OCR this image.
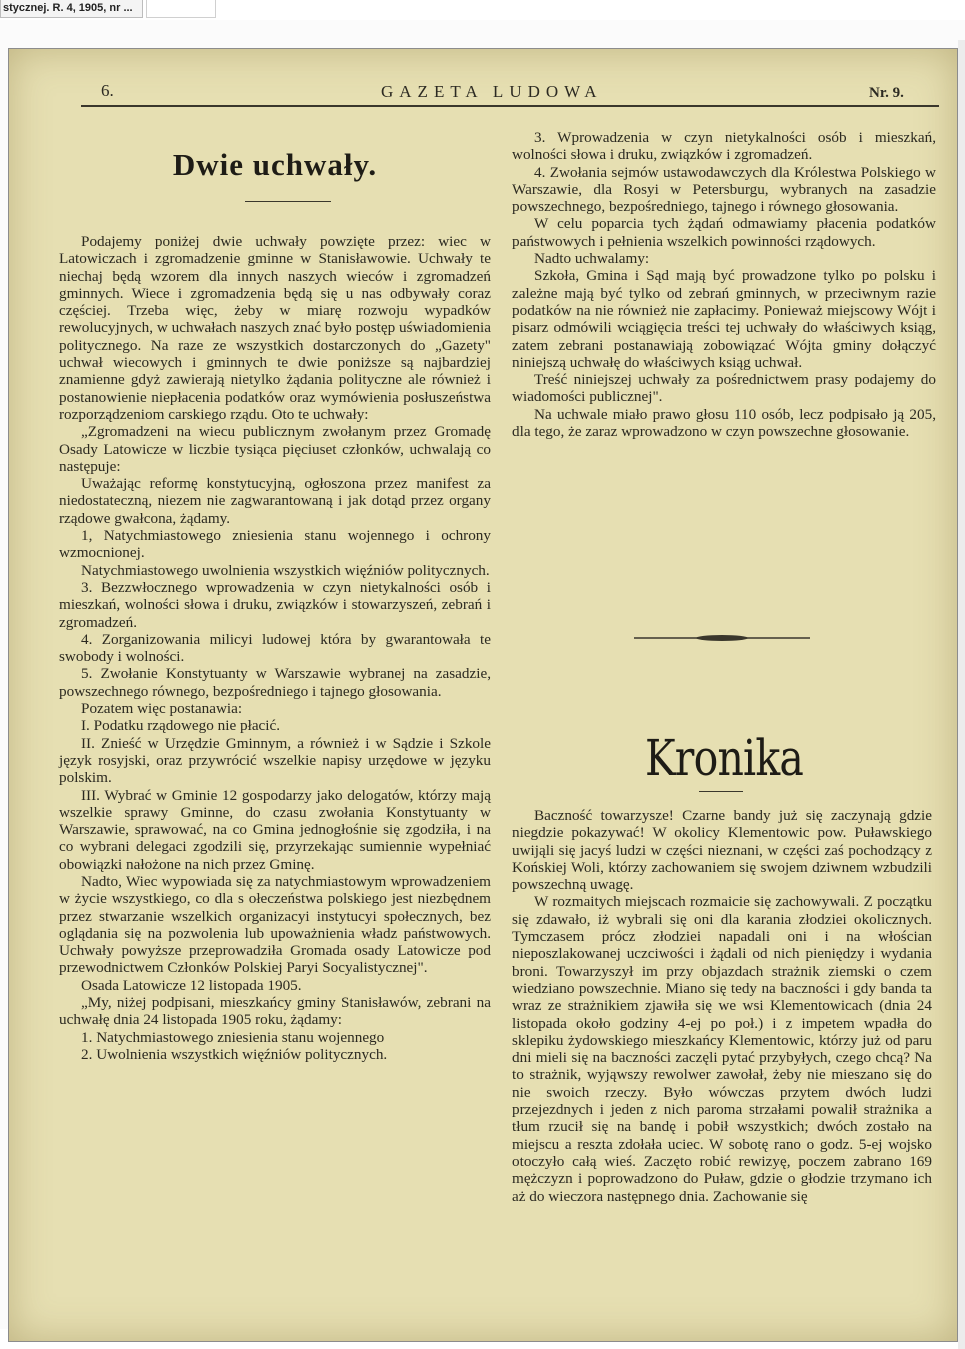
stycznej. R. 4, 1905, nr ...
6.	GAZETA LUDOWA	Nr. 9.
Dwie uchwały.

Podajemy poniżej dwie uchwały powzięte przez: wiec w Latowiczach i zgromadzenie gminne w Stanisławowie. Uchwały te niechaj będą wzorem dla innych naszych wieców i zgromadzeń gminnych. Wiece i zgromadzenia będą się u nas odbywały coraz częściej. Trzeba więc, żeby w miarę rozwoju wypadków rewolucyjnych, w uchwałach naszych znać było postęp uświadomienia politycznego. Na raze ze wszystkich dostarczonych do „Gazety" uchwał wiecowych i gminnych te dwie poniższe są najbardziej znamienne gdyż zawierają nietylko żądania polityczne ale również i postanowienie niepłacenia podatków oraz wymówienia posłuszeństwa rozporządzeniom carskiego rządu. Oto te uchwały:

„Zgromadzeni na wiecu publicznym zwołanym przez Gromadę Osady Latowicze w liczbie tysiąca pięciuset członków, uchwalają co następuje:

Uważając reformę konstytucyjną, ogłoszona przez manifest za niedostateczną, niezem nie zagwarantowaną i jak dotąd przez organy rządowe gwałcona, żądamy.

1, Natychmiastowego zniesienia stanu wojennego i ochrony wzmocnionej.

Natychmiastowego uwolnienia wszystkich więźniów politycznych.

3. Bezzwłocznego wprowadzenia w czyn nietykalności osób i mieszkań, wolności słowa i druku, związków i stowarzyszeń, zebrań i zgromadzeń.

4. Zorganizowania milicyi ludowej która by gwarantowała te swobody i wolności.

5. Zwołanie Konstytuanty w Warszawie wybranej na zasadzie, powszechnego równego, bezpośredniego i tajnego głosowania.

Pozatem więc postanawia:

I. Podatku rządowego nie płacić.

II. Znieść w Urzędzie Gminnym, a również i w Sądzie i Szkole język rosyjski, oraz przywrócić wszelkie napisy urzędowe w języku polskim.

III. Wybrać w Gminie 12 gospodarzy jako delogatów, którzy mają wszelkie sprawy Gminne, do czasu zwołania Konstytuanty w Warszawie, sprawować, na co Gmina jednogłośnie się zgodziła, i na co wybrani delegaci zgodzili się, przyrzekając sumiennie wypełniać obowiązki nałożone na nich przez Gminę.

Nadto, Wiec wypowiada się za natychmiastowym wprowadzeniem w życie wszystkiego, co dla s ołeczeństwa polskiego jest niezbędnem przez stwarzanie wszelkich organizacyi instytucyi społecznych, bez oglądania się na pozwolenia lub upoważnienia władz państwowych. Uchwały powyższe przeprowadziła Gromada osady Latowicze pod przewodnictwem Członków Polskiej Paryi Socyalistycznej".

Osada Latowicze 12 listopada 1905.

„My, niżej podpisani, mieszkańcy gminy Stanisławów, zebrani na uchwałę dnia 24 listopada 1905 roku, żądamy:

1. Natychmiastowego zniesienia stanu wojennego

2. Uwolnienia wszystkich więźniów politycznych.

3. Wprowadzenia w czyn nietykalności osób i mieszkań, wolności słowa i druku, związków i zgromadzeń.

4. Zwołania sejmów ustawodawczych dla Królestwa Polskiego w Warszawie, dla Rosyi w Petersburgu, wybranych na zasadzie powszechnego, bezpośredniego, tajnego i równego głosowania.

W celu poparcia tych żądań odmawiamy płacenia podatków państwowych i pełnienia wszelkich powinności rządowych.

Nadto uchwalamy:

Szkoła, Gmina i Sąd mają być prowadzone tylko po polsku i zależne mają być tylko od zebrań gminnych, w przeciwnym razie podatków na nie również nie zapłacimy. Ponieważ miejscowy Wójt i pisarz odmówili wciągięcia treści tej uchwały do właściwych ksiąg, zatem zebrani postanawiają zobowiązać Wójta gminy dołączyć niniejszą uchwałę do właściwych ksiąg uchwał.

Treść niniejszej uchwały za pośrednictwem prasy podajemy do wiadomości publicznej".

Na uchwale miało prawo głosu 110 osób, lecz podpisało ją 205, dla tego, że zaraz wprowadzono w czyn powszechne głosowanie.

Kronika

Baczność towarzysze! Czarne bandy już się zaczynają gdzie niegdzie pokazywać! W okolicy Klementowic pow. Puławskiego uwijąli się jacyś ludzi w części nieznani, w części zaś pochodzący z Końskiej Woli, którzy zachowaniem się swojem dziwnem wzbudzili powszechną uwagę.

W rozmaitych miejscach rozmaicie się zachowywali. Z początku się zdawało, iż wybrali się oni dla karania złodziei okolicznych. Tymczasem prócz złodziei napadali oni i na włościan nieposzlakowanej uczciwości i żądali od nich pieniędzy i wydania broni. Towarzyszył im przy objazdach strażnik ziemski o czem wiedziano powszechnie. Miano się tedy na baczności i gdy banda ta wraz ze strażnikiem zjawiła się we wsi Klementowicach (dnia 24 listopada około godziny 4-ej po poł.) i z impetem wpadła do sklepiku żydowskiego mieszkańcy Klementowic, którzy już od paru dni mieli się na baczności zaczęli pytać przybyłych, czego chcą? Na to strażnik, wyjąwszy rewolwer zawołał, żeby nie mieszano się do nie swoich rzeczy. Było wówczas przytem dwóch ludzi przejezdnych i jeden z nich paroma strzałami powalił strażnika a tłum rzucił się na bandę i pobił wszystkich; dwóch zostało na miejscu a reszta zdołała uciec. W sobotę rano o godz. 5-ej wojsko otoczyło całą wieś. Zaczęto robić rewizyę, poczem zabrano 169 mężczyzn i poprowadzono do Puław, gdzie o głodzie trzymano ich aż do wieczora następnego dnia. Zachowanie się
